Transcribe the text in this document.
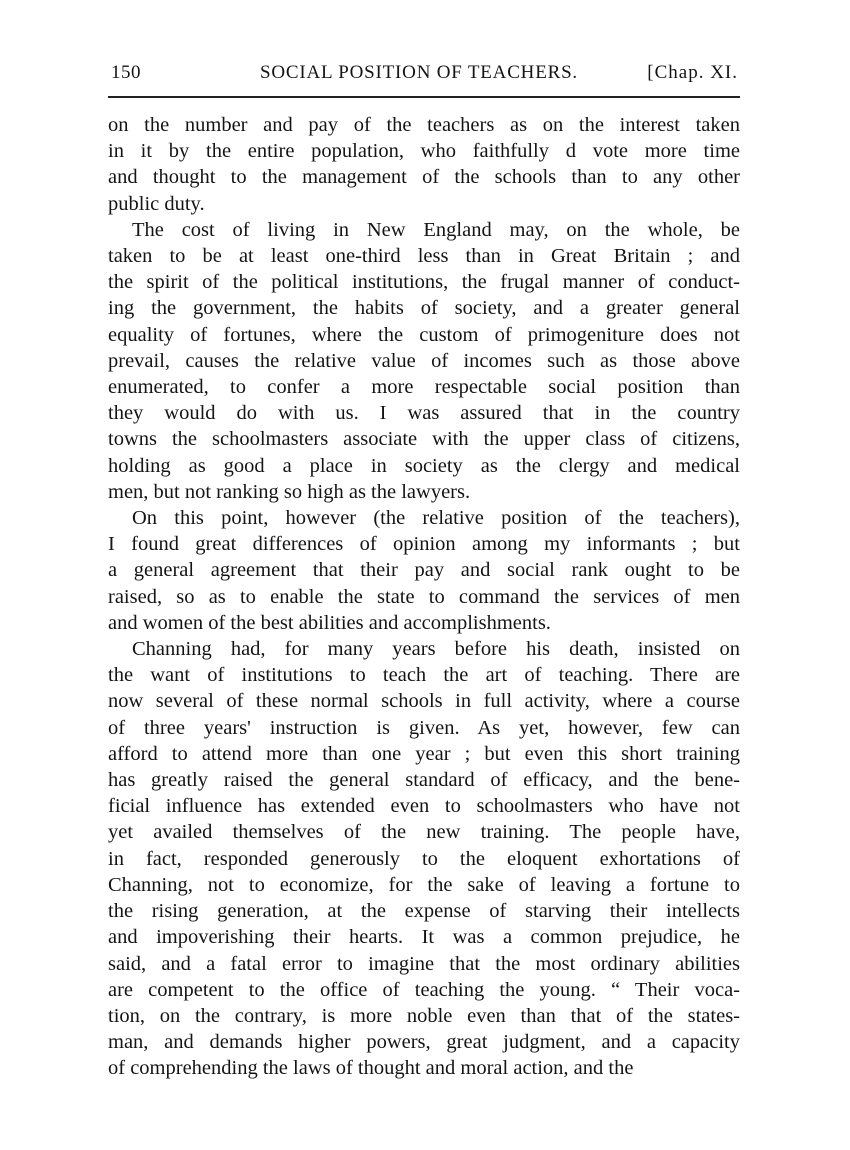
150	SOCIAL POSITION OF TEACHERS.	[Chap. XI.
on the number and pay of the teachers as on the interest taken
in it by the entire population, who faithfully d vote more time
and thought to the management of the schools than to any other
public duty.
The cost of living in New England may, on the whole, be
taken to be at least one-third less than in Great Britain ; and
the spirit of the political institutions, the frugal manner of conduct-
ing the government, the habits of society, and a greater general
equality of fortunes, where the custom of primogeniture does not
prevail, causes the relative value of incomes such as those above
enumerated, to confer a more respectable social position than
they would do with us. I was assured that in the country
towns the schoolmasters associate with the upper class of citizens,
holding as good a place in society as the clergy and medical
men, but not ranking so high as the lawyers.
On this point, however (the relative position of the teachers),
I found great differences of opinion among my informants ; but
a general agreement that their pay and social rank ought to be
raised, so as to enable the state to command the services of men
and women of the best abilities and accomplishments.
Channing had, for many years before his death, insisted on
the want of institutions to teach the art of teaching. There are
now several of these normal schools in full activity, where a course
of three years' instruction is given. As yet, however, few can
afford to attend more than one year ; but even this short training
has greatly raised the general standard of efficacy, and the bene-
ficial influence has extended even to schoolmasters who have not
yet availed themselves of the new training. The people have,
in fact, responded generously to the eloquent exhortations of
Channing, not to economize, for the sake of leaving a fortune to
the rising generation, at the expense of starving their intellects
and impoverishing their hearts. It was a common prejudice, he
said, and a fatal error to imagine that the most ordinary abilities
are competent to the office of teaching the young. “ Their voca-
tion, on the contrary, is more noble even than that of the states-
man, and demands higher powers, great judgment, and a capacity
of comprehending the laws of thought and moral action, and the
